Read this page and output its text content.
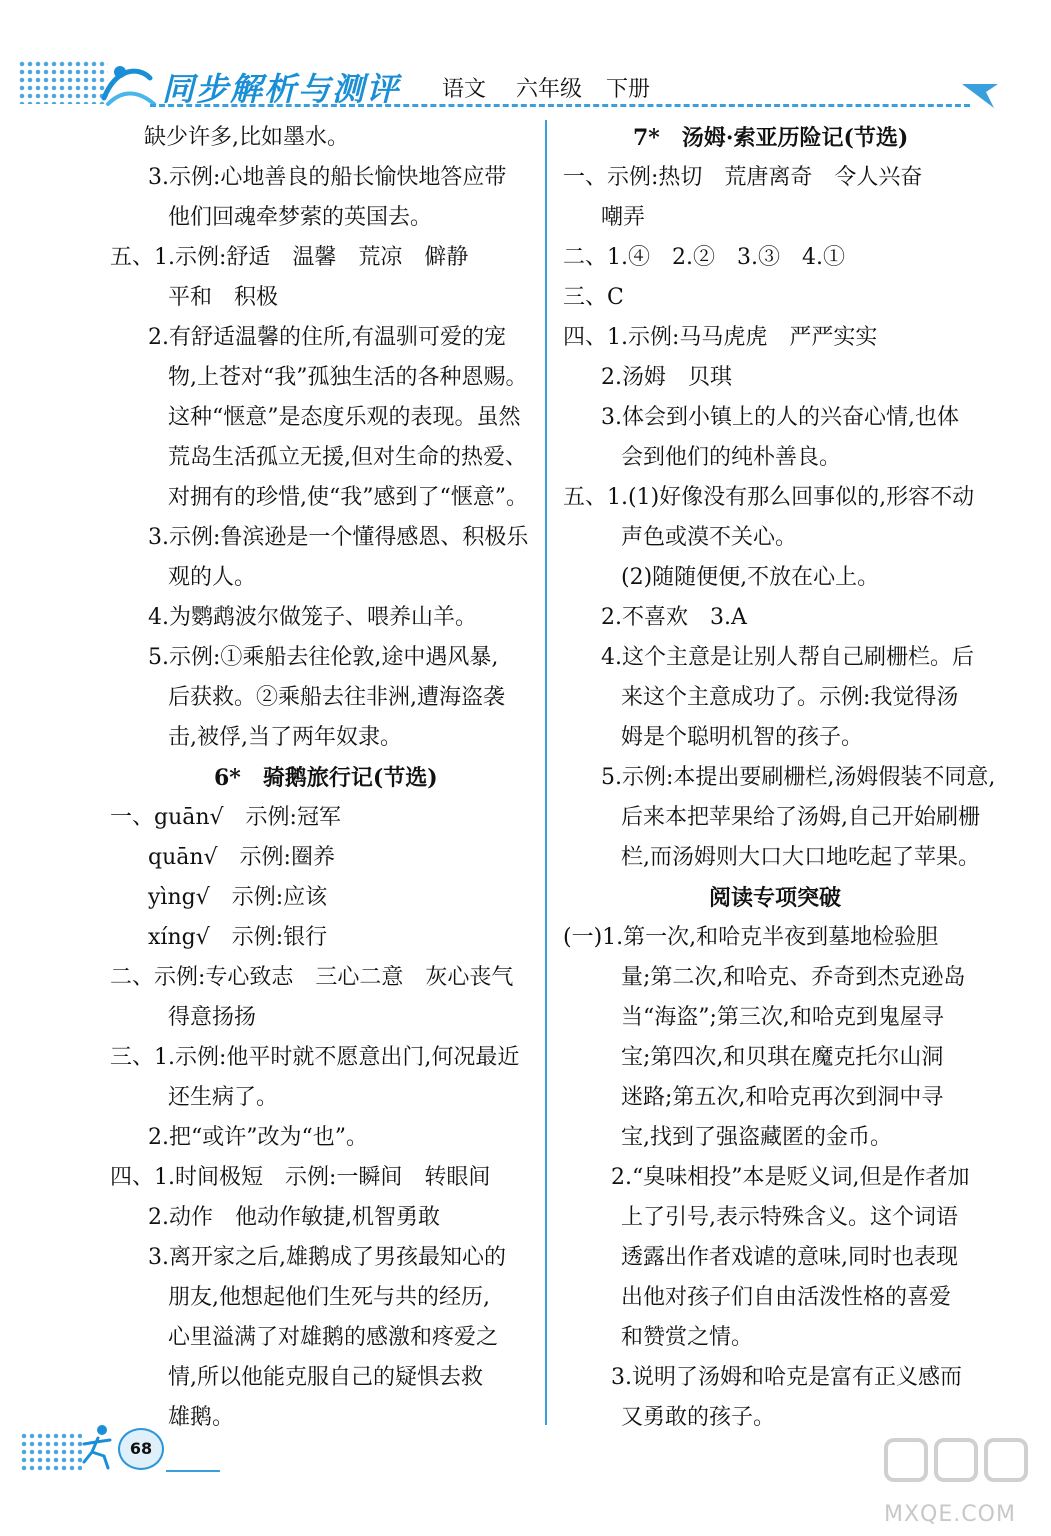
同步解析与测评 语文 六年级 下册
缺少许多,比如墨水。
3.示例:心地善良的船长愉快地答应带
他们回魂牵梦萦的英国去。
五、1.示例:舒适　温馨　荒凉　僻静
平和　积极
2.有舒适温馨的住所,有温驯可爱的宠
物,上苍对“我”孤独生活的各种恩赐。
这种“惬意”是态度乐观的表现。虽然
荒岛生活孤立无援,但对生命的热爱、
对拥有的珍惜,使“我”感到了“惬意”。
3.示例:鲁滨逊是一个懂得感恩、积极乐
观的人。
4.为鹦鹉波尔做笼子、喂养山羊。
5.示例:①乘船去往伦敦,途中遇风暴,
后获救。②乘船去往非洲,遭海盗袭
击,被俘,当了两年奴隶。
6*　骑鹅旅行记(节选)
一、guān√　示例:冠军
quān√　示例:圈养
yìng√　示例:应该
xíng√　示例:银行
二、示例:专心致志　三心二意　灰心丧气
得意扬扬
三、1.示例:他平时就不愿意出门,何况最近
还生病了。
2.把“或许”改为“也”。
四、1.时间极短　示例:一瞬间　转眼间
2.动作　他动作敏捷,机智勇敢
3.离开家之后,雄鹅成了男孩最知心的
朋友,他想起他们生死与共的经历,
心里溢满了对雄鹅的感激和疼爱之
情,所以他能克服自己的疑惧去救
雄鹅。
7*　汤姆·索亚历险记(节选)
一、示例:热切　荒唐离奇　令人兴奋
嘲弄
二、1.④　2.②　3.③　4.①
三、C
四、1.示例:马马虎虎　严严实实
2.汤姆　贝琪
3.体会到小镇上的人的兴奋心情,也体
会到他们的纯朴善良。
五、1.(1)好像没有那么回事似的,形容不动
声色或漠不关心。
(2)随随便便,不放在心上。
2.不喜欢　3.A
4.这个主意是让别人帮自己刷栅栏。后
来这个主意成功了。示例:我觉得汤
姆是个聪明机智的孩子。
5.示例:本提出要刷栅栏,汤姆假装不同意,
后来本把苹果给了汤姆,自己开始刷栅
栏,而汤姆则大口大口地吃起了苹果。
阅读专项突破
(一)1.第一次,和哈克半夜到墓地检验胆
量;第二次,和哈克、乔奇到杰克逊岛
当“海盗”;第三次,和哈克到鬼屋寻
宝;第四次,和贝琪在魔克托尔山洞
迷路;第五次,和哈克再次到洞中寻
宝,找到了强盗藏匿的金币。
2.“臭味相投”本是贬义词,但是作者加
上了引号,表示特殊含义。这个词语
透露出作者戏谑的意味,同时也表现
出他对孩子们自由活泼性格的喜爱
和赞赏之情。
3.说明了汤姆和哈克是富有正义感而
又勇敢的孩子。
68
MXQE.COM
